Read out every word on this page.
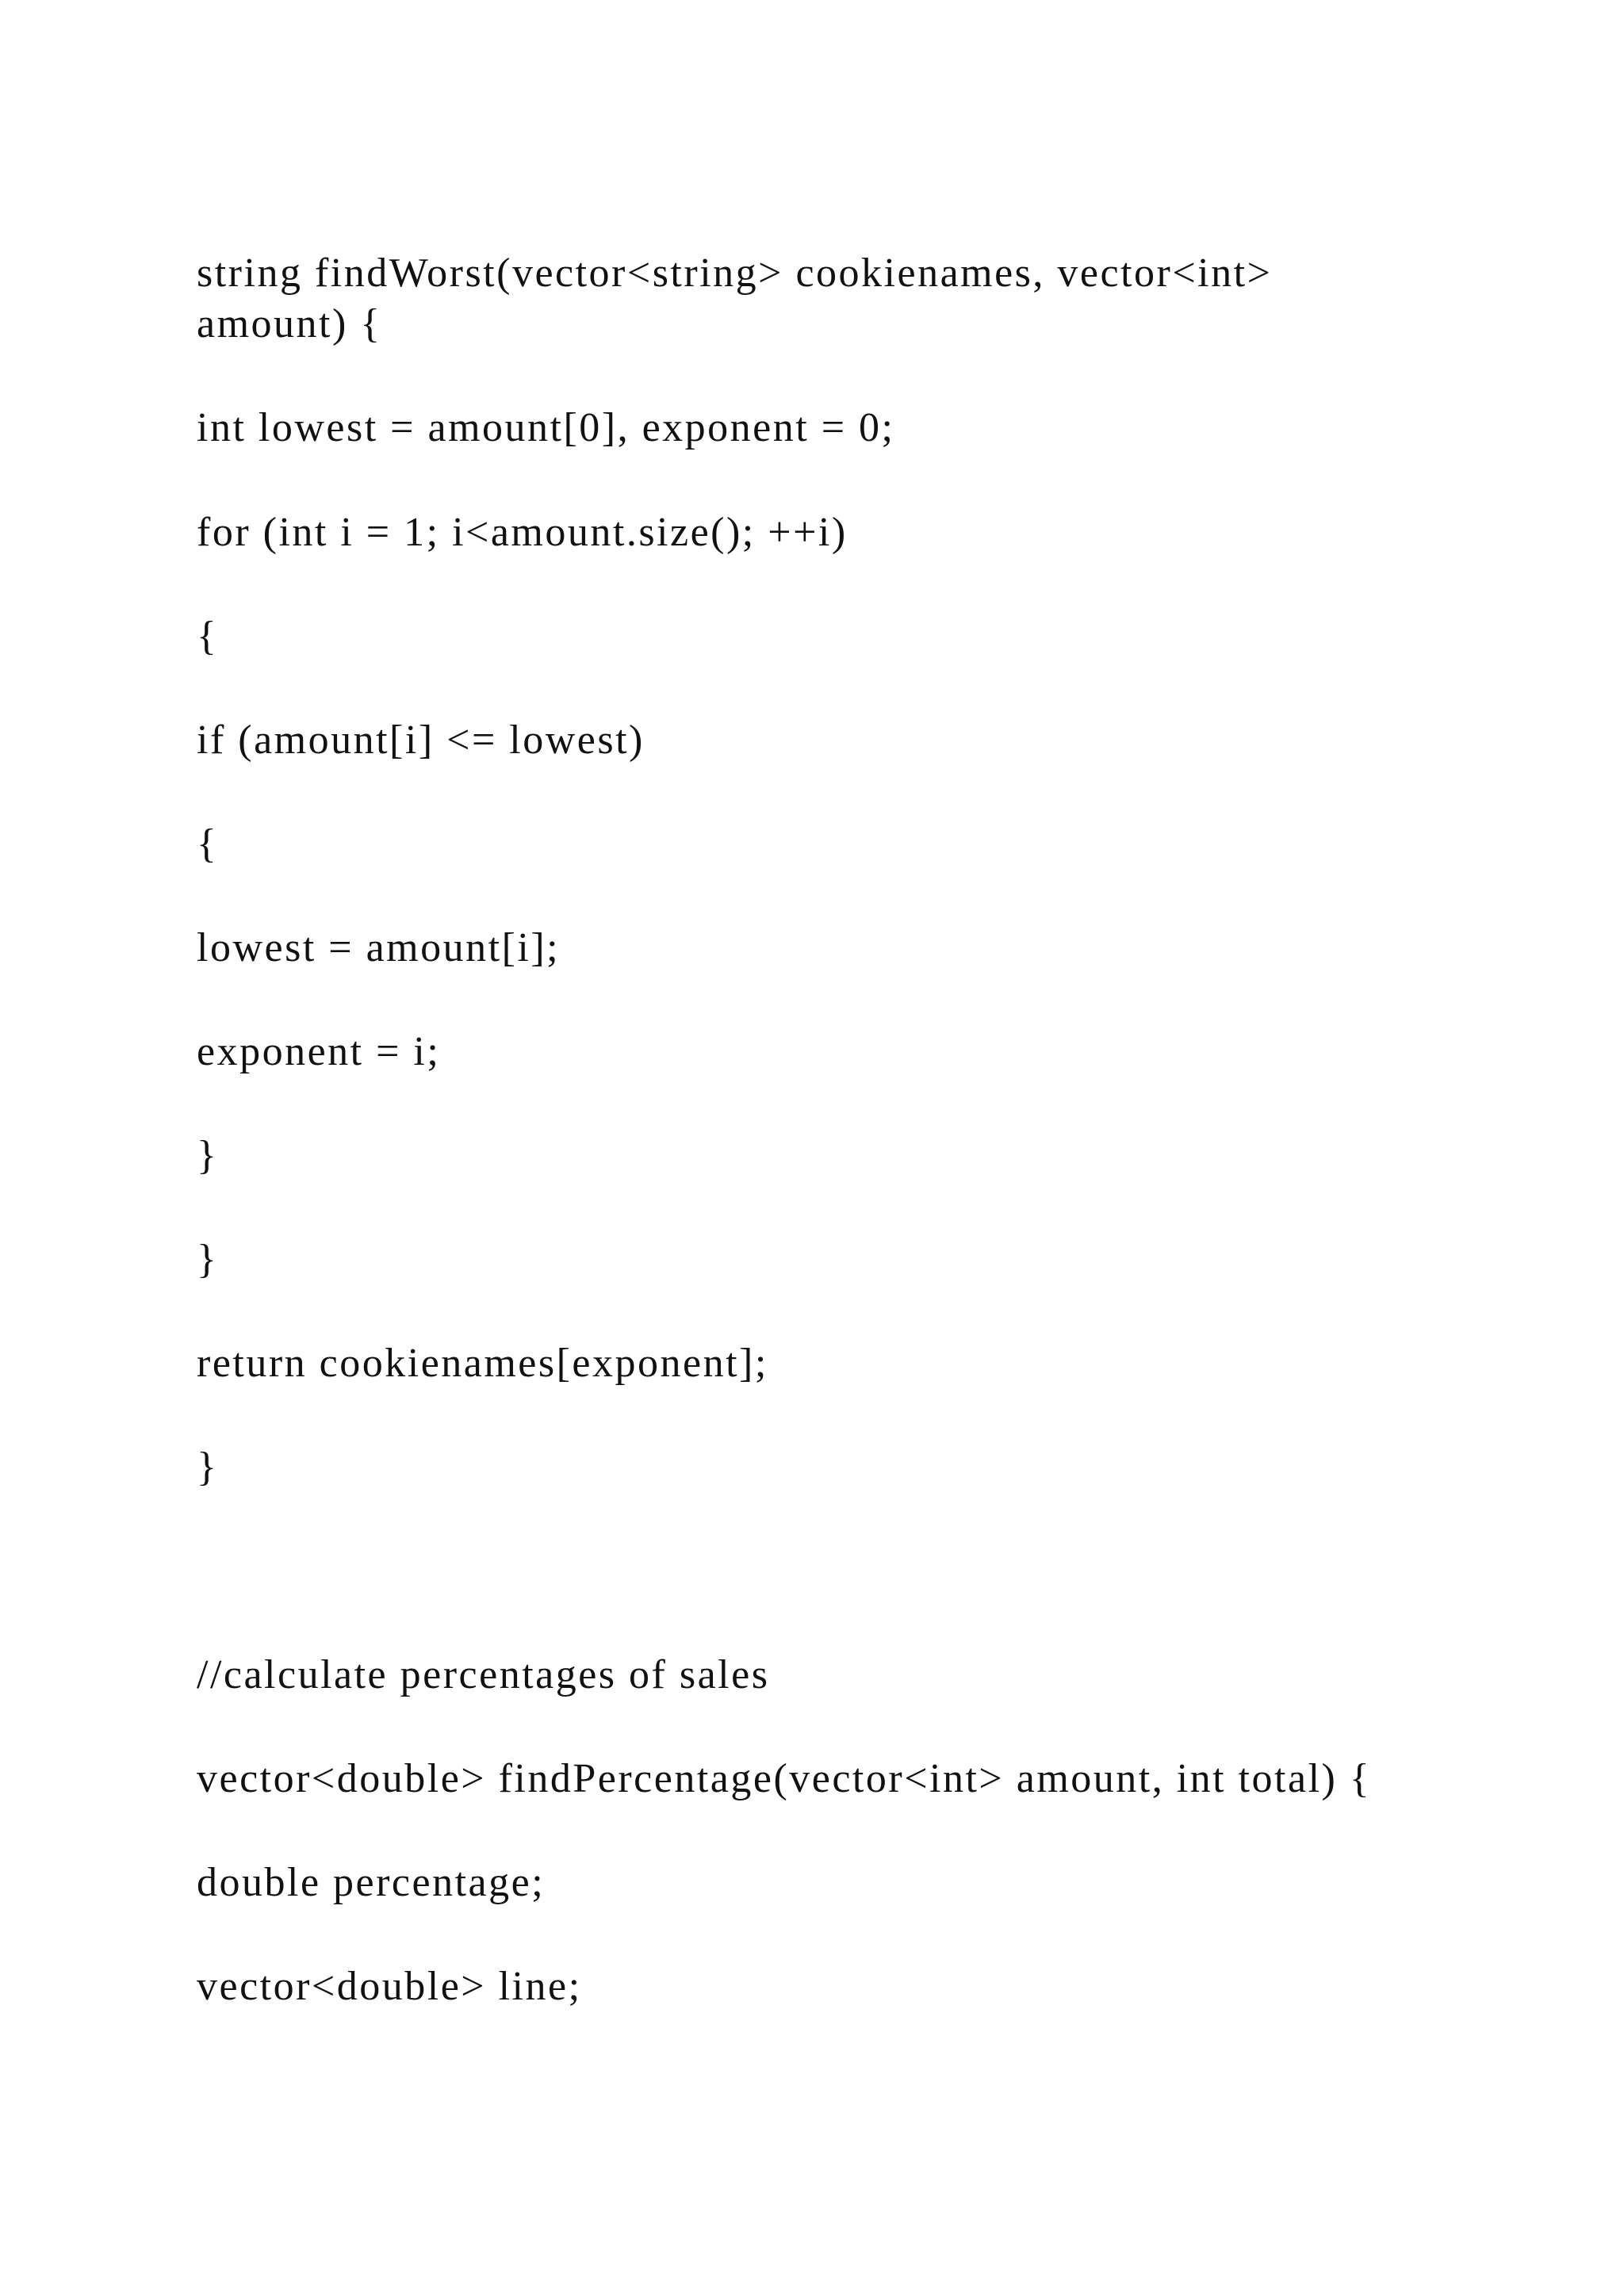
string findWorst(vector<string> cookienames, vector<int>

amount) {

int lowest = amount[0], exponent = 0;

for (int i = 1; i<amount.size(); ++i)

{

if (amount[i] <= lowest)

{

lowest = amount[i];

exponent = i;

}

}

return cookienames[exponent];

}

//calculate percentages of sales

vector<double> findPercentage(vector<int> amount, int total) {

double percentage;

vector<double> line;
